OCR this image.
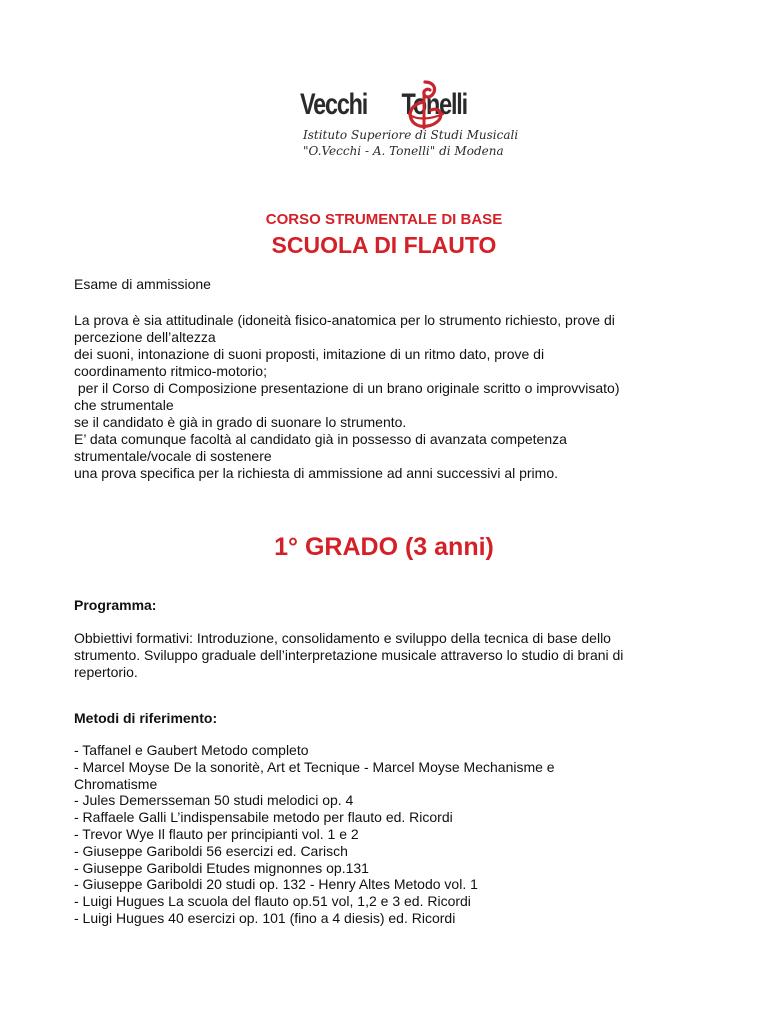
Vecchi Tonelli
Istituto Superiore di Studi Musicali
"O.Vecchi - A. Tonelli" di Modena
CORSO STRUMENTALE DI BASE
SCUOLA DI FLAUTO

Esame di ammissione

La prova è sia attitudinale (idoneità fisico-anatomica per lo strumento richiesto, prove di

percezione dell’altezza

dei suoni, intonazione di suoni proposti, imitazione di un ritmo dato, prove di

coordinamento ritmico-motorio;

per il Corso di Composizione presentazione di un brano originale scritto o improvvisato)

che strumentale

se il candidato è già in grado di suonare lo strumento.

E’ data comunque facoltà al candidato già in possesso di avanzata competenza

strumentale/vocale di sostenere

una prova specifica per la richiesta di ammissione ad anni successivi al primo.

1° GRADO (3 anni)

Programma:

Obbiettivi formativi: Introduzione, consolidamento e sviluppo della tecnica di base dello

strumento. Sviluppo graduale dell’interpretazione musicale attraverso lo studio di brani di

repertorio.

Metodi di riferimento:

- Taffanel e Gaubert Metodo completo
- Marcel Moyse De la sonoritè, Art et Tecnique - Marcel Moyse Mechanisme e
Chromatisme
- Jules Demersseman 50 studi melodici op. 4
- Raffaele Galli L’indispensabile metodo per flauto ed. Ricordi
- Trevor Wye Il flauto per principianti vol. 1 e 2
- Giuseppe Gariboldi 56 esercizi ed. Carisch
- Giuseppe Gariboldi Etudes mignonnes op.131
- Giuseppe Gariboldi 20 studi op. 132 - Henry Altes Metodo vol. 1
- Luigi Hugues La scuola del flauto op.51 vol, 1,2 e 3 ed. Ricordi
- Luigi Hugues 40 esercizi op. 101 (fino a 4 diesis) ed. Ricordi
